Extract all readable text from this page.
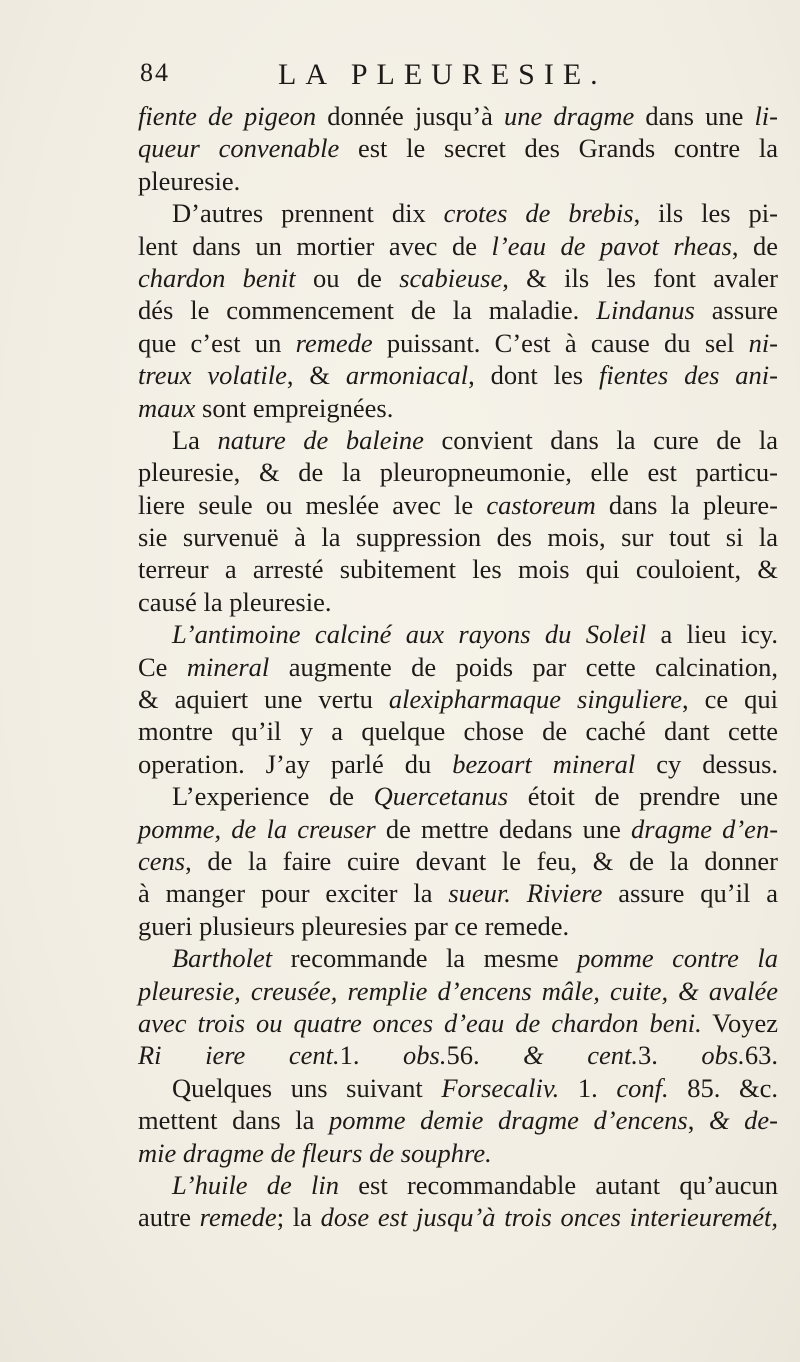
84	LA PLEURESIE.
fiente de pigeon donnée jusqu’à une dragme dans une li-
queur convenable est le secret des Grands contre la
pleuresie.
D’autres prennent dix crotes de brebis, ils les pi-
lent dans un mortier avec de l’eau de pavot rheas, de
chardon benit ou de scabieuse, & ils les font avaler
dés le commencement de la maladie. Lindanus assure
que c’est un remede puissant. C’est à cause du sel ni-
treux volatile, & armoniacal, dont les fientes des ani-
maux sont empreignées.
La nature de baleine convient dans la cure de la
pleuresie, & de la pleuropneumonie, elle est particu-
liere seule ou meslée avec le castoreum dans la pleure-
sie survenuë à la suppression des mois, sur tout si la
terreur a arresté subitement les mois qui couloient, &
causé la pleuresie.
L’antimoine calciné aux rayons du Soleil a lieu icy.
Ce mineral augmente de poids par cette calcination,
& aquiert une vertu alexipharmaque singuliere, ce qui
montre qu’il y a quelque chose de caché dant cette
operation. J’ay parlé du bezoart mineral cy dessus.
L’experience de Quercetanus étoit de prendre une
pomme, de la creuser de mettre dedans une dragme d’en-
cens, de la faire cuire devant le feu, & de la donner
à manger pour exciter la sueur. Riviere assure qu’il a
gueri plusieurs pleuresies par ce remede.
Bartholet recommande la mesme pomme contre la
pleuresie, creusée, remplie d’encens mâle, cuite, & avalée
avec trois ou quatre onces d’eau de chardon beni. Voyez
Ri iere cent.1. obs.56. & cent.3. obs.63.
Quelques uns suivant Forsecaliv. 1. conf. 85. &c.
mettent dans la pomme demie dragme d’encens, & de-
mie dragme de fleurs de souphre.
L’huile de lin est recommandable autant qu’aucun
autre remede; la dose est jusqu’à trois onces interieuremét,
